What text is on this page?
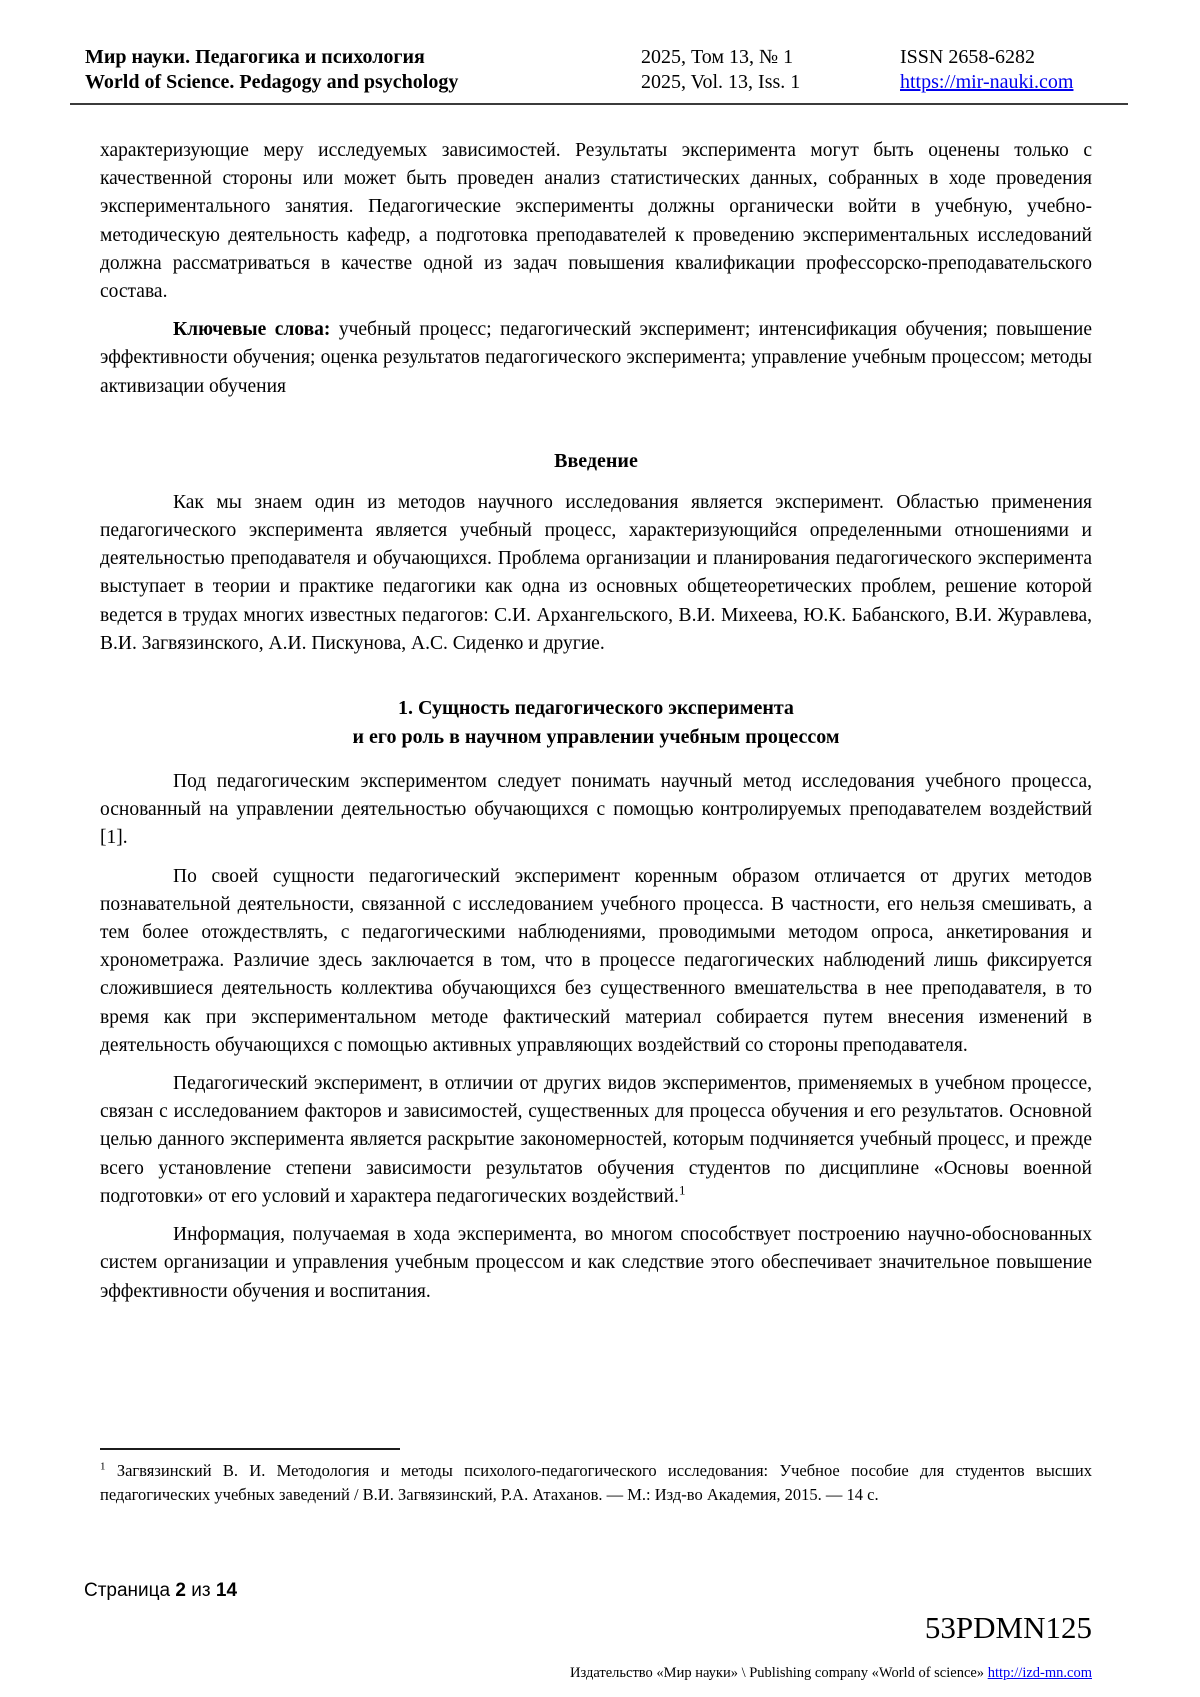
Мир науки. Педагогика и психология
World of Science. Pedagogy and psychology
2025, Том 13, № 1
2025, Vol. 13, Iss. 1
ISSN 2658-6282
https://mir-nauki.com

характеризующие меру исследуемых зависимостей. Результаты эксперимента могут быть оценены только с качественной стороны или может быть проведен анализ статистических данных, собранных в ходе проведения экспериментального занятия. Педагогические эксперименты должны органически войти в учебную, учебно-методическую деятельность кафедр, а подготовка преподавателей к проведению экспериментальных исследований должна рассматриваться в качестве одной из задач повышения квалификации профессорско-преподавательского состава.

Ключевые слова: учебный процесс; педагогический эксперимент; интенсификация обучения; повышение эффективности обучения; оценка результатов педагогического эксперимента; управление учебным процессом; методы активизации обучения

Введение

Как мы знаем один из методов научного исследования является эксперимент. Областью применения педагогического эксперимента является учебный процесс, характеризующийся определенными отношениями и деятельностью преподавателя и обучающихся. Проблема организации и планирования педагогического эксперимента выступает в теории и практике педагогики как одна из основных общетеоретических проблем, решение которой ведется в трудах многих известных педагогов: С.И. Архангельского, В.И. Михеева, Ю.К. Бабанского, В.И. Журавлева, В.И. Загвязинского, А.И. Пискунова, А.С. Сиденко и другие.

1. Сущность педагогического эксперимента
и его роль в научном управлении учебным процессом

Под педагогическим экспериментом следует понимать научный метод исследования учебного процесса, основанный на управлении деятельностью обучающихся с помощью контролируемых преподавателем воздействий [1].

По своей сущности педагогический эксперимент коренным образом отличается от других методов познавательной деятельности, связанной с исследованием учебного процесса. В частности, его нельзя смешивать, а тем более отождествлять, с педагогическими наблюдениями, проводимыми методом опроса, анкетирования и хронометража. Различие здесь заключается в том, что в процессе педагогических наблюдений лишь фиксируется сложившиеся деятельность коллектива обучающихся без существенного вмешательства в нее преподавателя, в то время как при экспериментальном методе фактический материал собирается путем внесения изменений в деятельность обучающихся с помощью активных управляющих воздействий со стороны преподавателя.

Педагогический эксперимент, в отличии от других видов экспериментов, применяемых в учебном процессе, связан с исследованием факторов и зависимостей, существенных для процесса обучения и его результатов. Основной целью данного эксперимента является раскрытие закономерностей, которым подчиняется учебный процесс, и прежде всего установление степени зависимости результатов обучения студентов по дисциплине «Основы военной подготовки» от его условий и характера педагогических воздействий.$^1$

Информация, получаемая в хода эксперимента, во многом способствует построению научно-обоснованных систем организации и управления учебным процессом и как следствие этого обеспечивает значительное повышение эффективности обучения и воспитания.

$^1$ Загвязинский В. И. Методология и методы психолого-педагогического исследования: Учебное пособие для студентов высших педагогических учебных заведений / В.И. Загвязинский, Р.А. Атаханов. — М.: Изд-во Академия, 2015. — 14 с.
Страница 2 из 14
53PDMN125
Издательство «Мир науки» \ Publishing company «World of science» http://izd-mn.com
